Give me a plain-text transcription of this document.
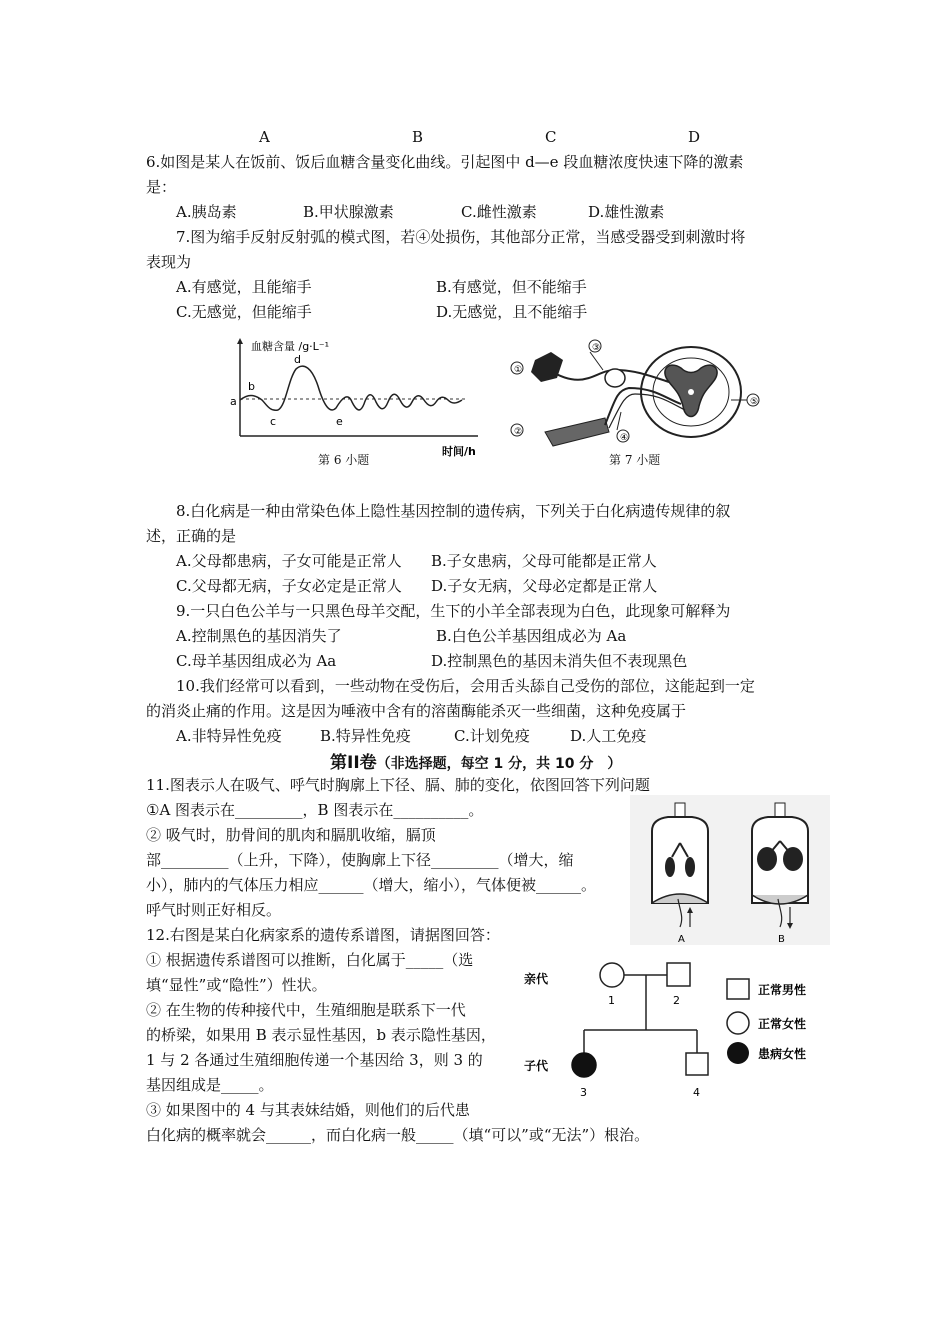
A	B	C	D
6.如图是某人在饭前、饭后血糖含量变化曲线。引起图中 d—e 段血糖浓度快速下降的激素
是：
A.胰岛素	B.甲状腺激素	C.雌性激素	D.雄性激素
7.图为缩手反射反射弧的模式图，若④处损伤，其他部分正常，当感受器受到刺激时将
表现为
A.有感觉，且能缩手	B.有感觉，但不能缩手
C.无感觉，但能缩手	D.无感觉，且不能缩手
血糖含量 /g·L⁻¹
a
b
c
d
e
时间/h
第 6 小题
①
②
③
④
⑤
第 7 小题
8.白化病是一种由常染色体上隐性基因控制的遗传病，下列关于白化病遗传规律的叙
述，正确的是
A.父母都患病，子女可能是正常人 B.子女患病，父母可能都是正常人
C.父母都无病，子女必定是正常人 D.子女无病，父母必定都是正常人
9.一只白色公羊与一只黑色母羊交配，生下的小羊全部表现为白色，此现象可解释为
A.控制黑色的基因消失了	B.白色公羊基因组成必为 Aa
C.母羊基因组成必为 Aa	D.控制黑色的基因未消失但不表现黑色
10.我们经常可以看到，一些动物在受伤后，会用舌头舔自己受伤的部位，这能起到一定
的消炎止痛的作用。这是因为唾液中含有的溶菌酶能杀灭一些细菌，这种免疫属于
A.非特异性免疫	B.特异性免疫	C.计划免疫	D.人工免疫
第II卷（非选择题，每空 1 分，共 10 分　）
11.图表示人在吸气、呼气时胸廓上下径、膈、肺的变化，依图回答下列问题
①A 图表示在_________，B 图表示在__________。
② 吸气时，肋骨间的肌肉和膈肌收缩，膈顶
部_________（上升，下降），使胸廓上下径_________（增大，缩
小），肺内的气体压力相应______（增大，缩小），气体便被______。
呼气时则正好相反。
A	B
12.右图是某白化病家系的遗传系谱图，请据图回答：
① 根据遗传系谱图可以推断，白化属于_____（选
填“显性”或“隐性”）性状。
② 在生物的传种接代中，生殖细胞是联系下一代
的桥梁，如果用 B 表示显性基因，b 表示隐性基因，
1 与 2 各通过生殖细胞传递一个基因给 3，则 3 的
基因组成是_____。
③ 如果图中的 4 与其表妹结婚，则他们的后代患
白化病的概率就会______，而白化病一般_____（填“可以”或“无法”）根治。
亲代
子代
1	2
3	4
正常男性
正常女性
患病女性
